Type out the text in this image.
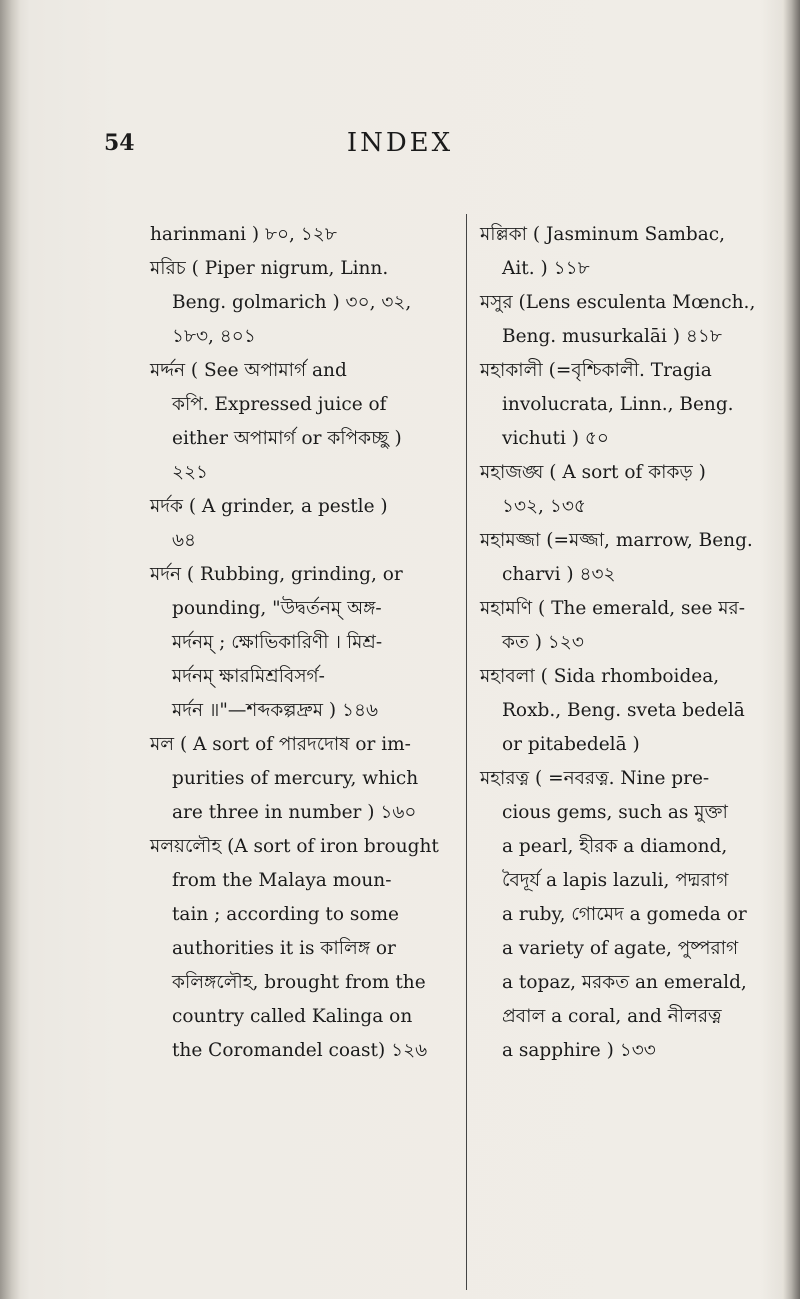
54	INDEX

harinmani ) ৮০, ১২৮

মরিচ ( Piper nigrum, Linn.

Beng. golmarich ) ৩০, ৩২,

১৮৩, ৪০১

মর্দ্দন ( See অপামার্গ and

কপি. Expressed juice of

either অপামার্গ or কপিকচ্ছু )

২২১

মর্দক ( A grinder, a pestle )

৬৪

মর্দন ( Rubbing, grinding, or

pounding, "উদ্বর্তনম্ অঙ্গ-

মর্দনম্ ; ক্ষোভিকারিণী । মিশ্র-

মর্দনম্ ক্ষারমিশ্রবিসর্গ-

মর্দন ॥"—শব্দকল্পদ্রুম ) ১৪৬

মল ( A sort of পারদদোষ or im-

purities of mercury, which

are three in number ) ১৬০

মলয়লৌহ (A sort of iron brought

from the Malaya moun-

tain ; according to some

authorities it is কালিঙ্গ or

কলিঙ্গলৌহ, brought from the

country called Kalinga on

the Coromandel coast) ১২৬

মল্লিকা ( Jasminum Sambac,

Ait. ) ১১৮

মসুর (Lens esculenta Mœnch.,

Beng. musurkalāi ) ৪১৮

মহাকালী (=বৃশ্চিকালী. Tragia

involucrata, Linn., Beng.

vichuti ) ৫০

মহাজঙ্ঘ ( A sort of কাকড় )

১৩২, ১৩৫

মহামজ্জা (=মজ্জা, marrow, Beng.

charvi ) ৪৩২

মহামণি ( The emerald, see মর-

কত ) ১২৩

মহাবলা ( Sida rhomboidea,

Roxb., Beng. sveta bedelā

or pitabedelā )

মহারত্ন ( =নবরত্ন. Nine pre-

cious gems, such as মুক্তা

a pearl, হীরক a diamond,

বৈদূর্য a lapis lazuli, পদ্মরাগ

a ruby, গোমেদ a gomeda or

a variety of agate, পুষ্পরাগ

a topaz, মরকত an emerald,

প্রবাল a coral, and নীলরত্ন

a sapphire ) ১৩৩
